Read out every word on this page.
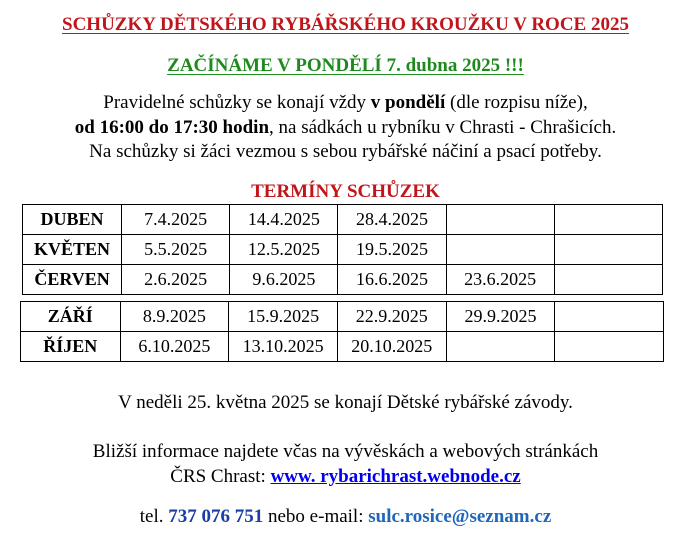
SCHŮZKY DĚTSKÉHO RYBÁŘSKÉHO KROUŽKU V ROCE 2025
ZAČÍNÁME V PONDĚLÍ 7. dubna 2025 !!!
Pravidelné schůzky se konají vždy v pondělí (dle rozpisu níže),
od 16:00 do 17:30 hodin, na sádkách u rybníku v Chrasti - Chrašicích.
Na schůzky si žáci vezmou s sebou rybářské náčiní a psací potřeby.
TERMÍNY SCHŮZEK
DUBEN	7.4.2025	14.4.2025	28.4.2025		
KVĚTEN	5.5.2025	12.5.2025	19.5.2025		
ČERVEN	2.6.2025	9.6.2025	16.6.2025	23.6.2025	
ZÁŘÍ	8.9.2025	15.9.2025	22.9.2025	29.9.2025	
ŘÍJEN	6.10.2025	13.10.2025	20.10.2025		
V neděli 25. května 2025 se konají Dětské rybářské závody.
Bližší informace najdete včas na vývěskách a webových stránkách
ČRS Chrast: www. rybarichrast.webnode.cz
tel. 737 076 751 nebo e-mail: sulc.rosice@seznam.cz
